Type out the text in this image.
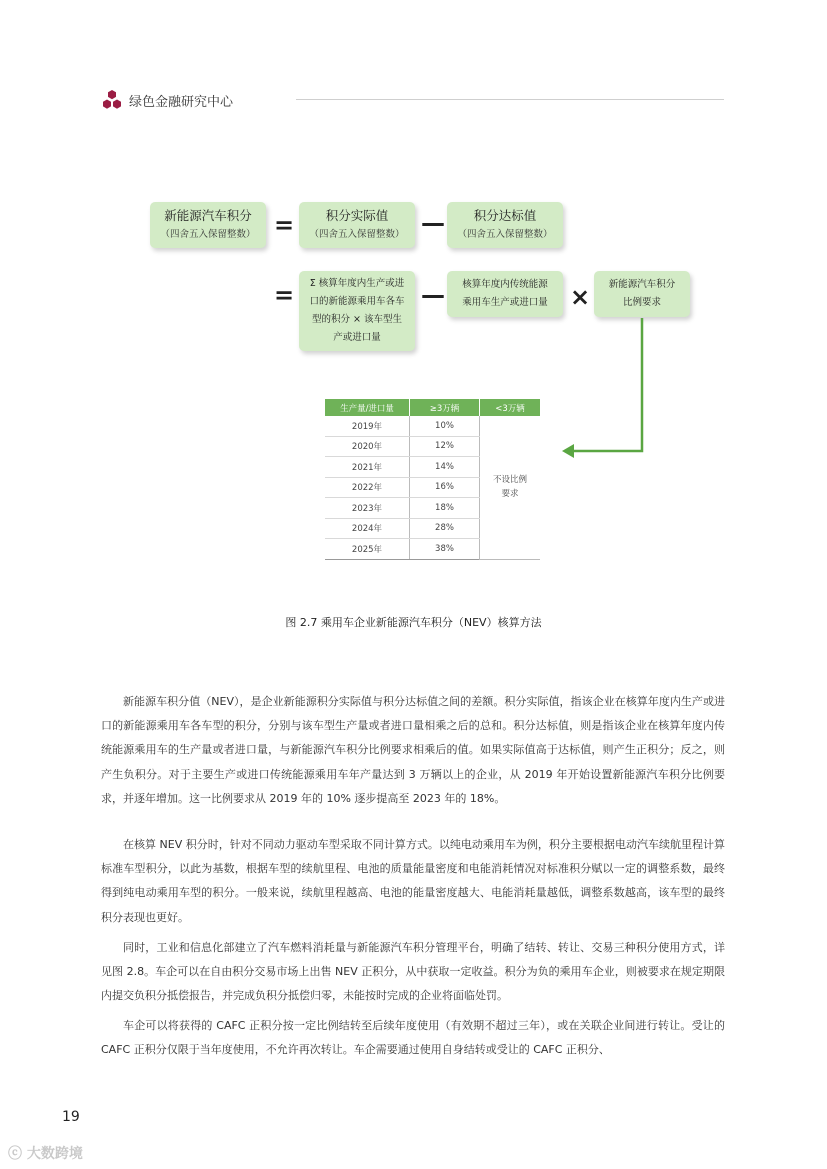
绿色金融研究中心
新能源汽车积分
（四舍五入保留整数） =	积分实际值
（四舍五入保留整数） — 积分达标值
（四舍五入保留整数）
= Σ 核算年度内生产或进
口的新能源乘用车各车
型的积分 × 该车型生
产或进口量
— 核算年度内传统能源
乘用车生产或进口量 × 新能源汽车积分
比例要求
生产量/进口量	≥3万辆	<3万辆
2019年	10%	不设比例
要求

2020年	12%	
2021年	14%	
2022年	16%	
2023年	18%	
2024年	28%	
2025年	38%	
图 2.7 乘用车企业新能源汽车积分（NEV）核算方法

新能源车积分值（NEV），是企业新能源积分实际值与积分达标值之间的差额。积分实际值，指该企业在核算年度内生产或进口的新能源乘用车各车型的积分，分别与该车型生产量或者进口量相乘之后的总和。积分达标值，则是指该企业在核算年度内传统能源乘用车的生产量或者进口量，与新能源汽车积分比例要求相乘后的值。如果实际值高于达标值，则产生正积分；反之，则产生负积分。对于主要生产或进口传统能源乘用车年产量达到 3 万辆以上的企业，从 2019 年开始设置新能源汽车积分比例要求，并逐年增加。这一比例要求从 2019 年的 10% 逐步提高至 2023 年的 18%。

在核算 NEV 积分时，针对不同动力驱动车型采取不同计算方式。以纯电动乘用车为例，积分主要根据电动汽车续航里程计算标准车型积分，以此为基数，根据车型的续航里程、电池的质量能量密度和电能消耗情况对标准积分赋以一定的调整系数，最终得到纯电动乘用车型的积分。一般来说，续航里程越高、电池的能量密度越大、电能消耗量越低，调整系数越高，该车型的最终积分表现也更好。

同时，工业和信息化部建立了汽车燃料消耗量与新能源汽车积分管理平台，明确了结转、转让、交易三种积分使用方式，详见图 2.8。车企可以在自由积分交易市场上出售 NEV 正积分，从中获取一定收益。积分为负的乘用车企业，则被要求在规定期限内提交负积分抵偿报告，并完成负积分抵偿归零，未能按时完成的企业将面临处罚。

车企可以将获得的 CAFC 正积分按一定比例结转至后续年度使用（有效期不超过三年），或在关联企业间进行转让。受让的 CAFC 正积分仅限于当年度使用，不允许再次转让。车企需要通过使用自身结转或受让的 CAFC 正积分、

19
ⓒ 大数跨境
